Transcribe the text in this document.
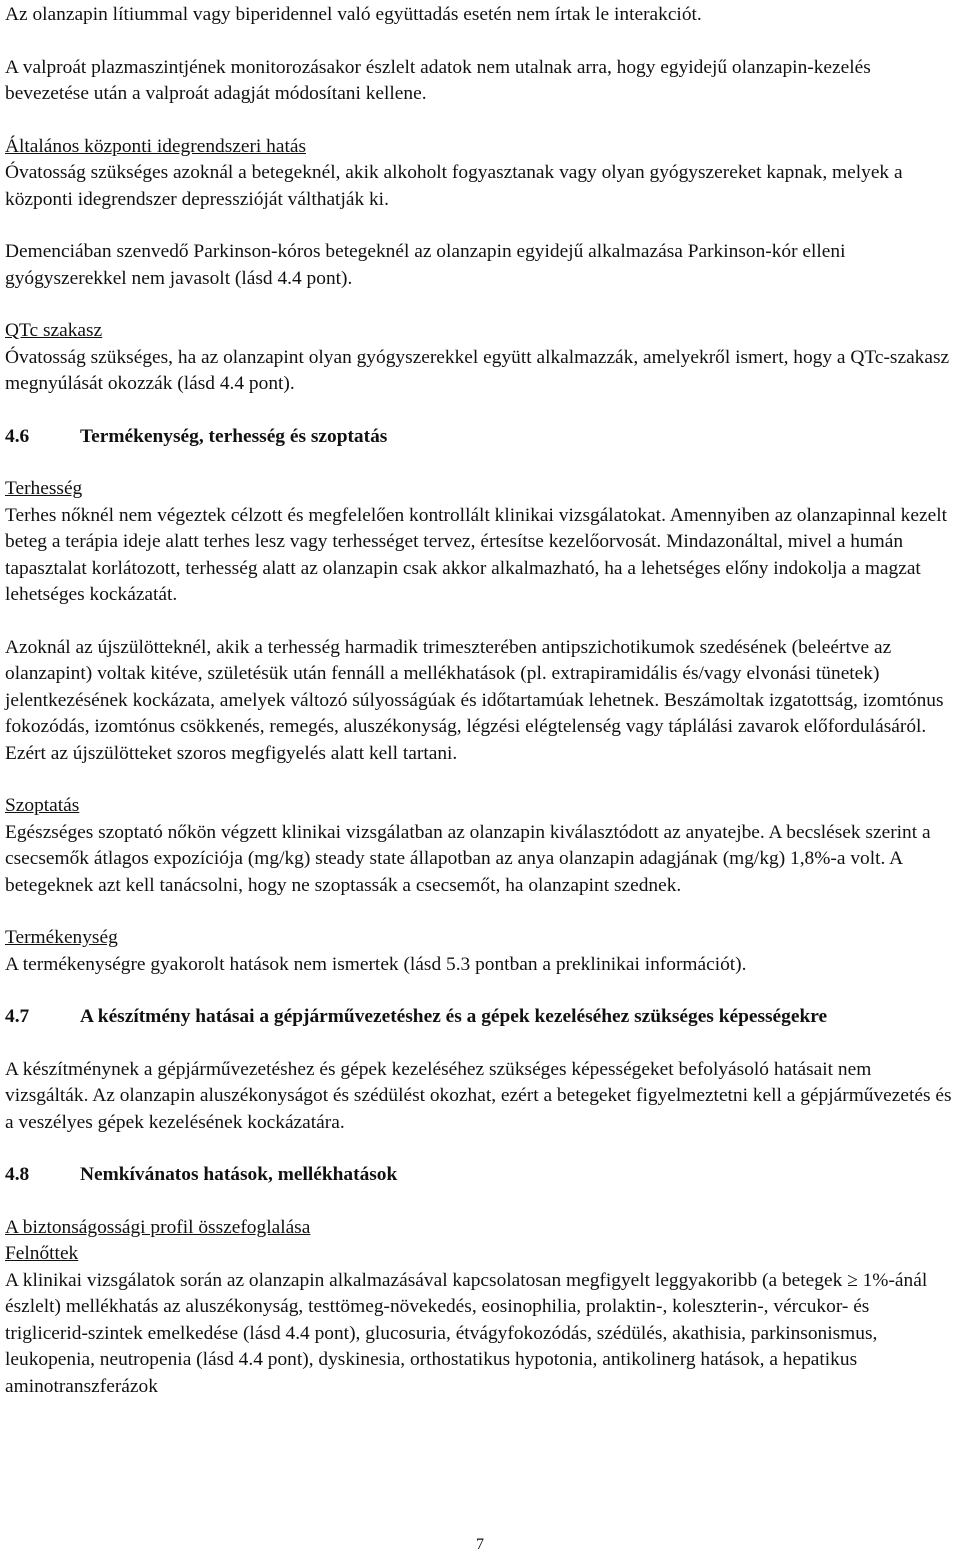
Az olanzapin lítiummal vagy biperidennel való együttadás esetén nem írtak le interakciót.

A valproát plazmaszintjének monitorozásakor észlelt adatok nem utalnak arra, hogy egyidejű olanzapin-kezelés bevezetése után a valproát adagját módosítani kellene.

Általános központi idegrendszeri hatás

Óvatosság szükséges azoknál a betegeknél, akik alkoholt fogyasztanak vagy olyan gyógyszereket kapnak, melyek a központi idegrendszer depresszióját válthatják ki.

Demenciában szenvedő Parkinson-kóros betegeknél az olanzapin egyidejű alkalmazása Parkinson-kór elleni gyógyszerekkel nem javasolt (lásd 4.4 pont).

QTc szakasz

Óvatosság szükséges, ha az olanzapint olyan gyógyszerekkel együtt alkalmazzák, amelyekről ismert, hogy a QTc-szakasz megnyúlását okozzák (lásd 4.4 pont).

4.6	Termékenység, terhesség és szoptatás

Terhesség

Terhes nőknél nem végeztek célzott és megfelelően kontrollált klinikai vizsgálatokat. Amennyiben az olanzapinnal kezelt beteg a terápia ideje alatt terhes lesz vagy terhességet tervez, értesítse kezelőorvosát. Mindazonáltal, mivel a humán tapasztalat korlátozott, terhesség alatt az olanzapin csak akkor alkalmazható, ha a lehetséges előny indokolja a magzat lehetséges kockázatát.

Azoknál az újszülötteknél, akik a terhesség harmadik trimeszterében antipszichotikumok szedésének (beleértve az olanzapint) voltak kitéve, születésük után fennáll a mellékhatások (pl. extrapiramidális és/vagy elvonási tünetek) jelentkezésének kockázata, amelyek változó súlyosságúak és időtartamúak lehetnek. Beszámoltak izgatottság, izomtónus fokozódás, izomtónus csökkenés, remegés, aluszékonyság, légzési elégtelenség vagy táplálási zavarok előfordulásáról. Ezért az újszülötteket szoros megfigyelés alatt kell tartani.

Szoptatás

Egészséges szoptató nőkön végzett klinikai vizsgálatban az olanzapin kiválasztódott az anyatejbe. A becslések szerint a csecsemők átlagos expozíciója (mg/kg) steady state állapotban az anya olanzapin adagjának (mg/kg) 1,8%-a volt. A betegeknek azt kell tanácsolni, hogy ne szoptassák a csecsemőt, ha olanzapint szednek.

Termékenység

A termékenységre gyakorolt hatások nem ismertek (lásd 5.3 pontban a preklinikai információt).

4.7	A készítmény hatásai a gépjárművezetéshez és a gépek kezeléséhez szükséges képességekre

A készítménynek a gépjárművezetéshez és gépek kezeléséhez szükséges képességeket befolyásoló hatásait nem vizsgálták. Az olanzapin aluszékonyságot és szédülést okozhat, ezért a betegeket figyelmeztetni kell a gépjárművezetés és a veszélyes gépek kezelésének kockázatára.

4.8	Nemkívánatos hatások, mellékhatások

A biztonságossági profil összefoglalása

Felnőttek

A klinikai vizsgálatok során az olanzapin alkalmazásával kapcsolatosan megfigyelt leggyakoribb (a betegek ≥ 1%-ánál észlelt) mellékhatás az aluszékonyság, testtömeg-növekedés, eosinophilia, prolaktin-, koleszterin-, vércukor- és triglicerid-szintek emelkedése (lásd 4.4 pont), glucosuria, étvágyfokozódás, szédülés, akathisia, parkinsonismus, leukopenia, neutropenia (lásd 4.4 pont), dyskinesia, orthostatikus hypotonia, antikolinerg hatások, a hepatikus aminotranszferázok

7
